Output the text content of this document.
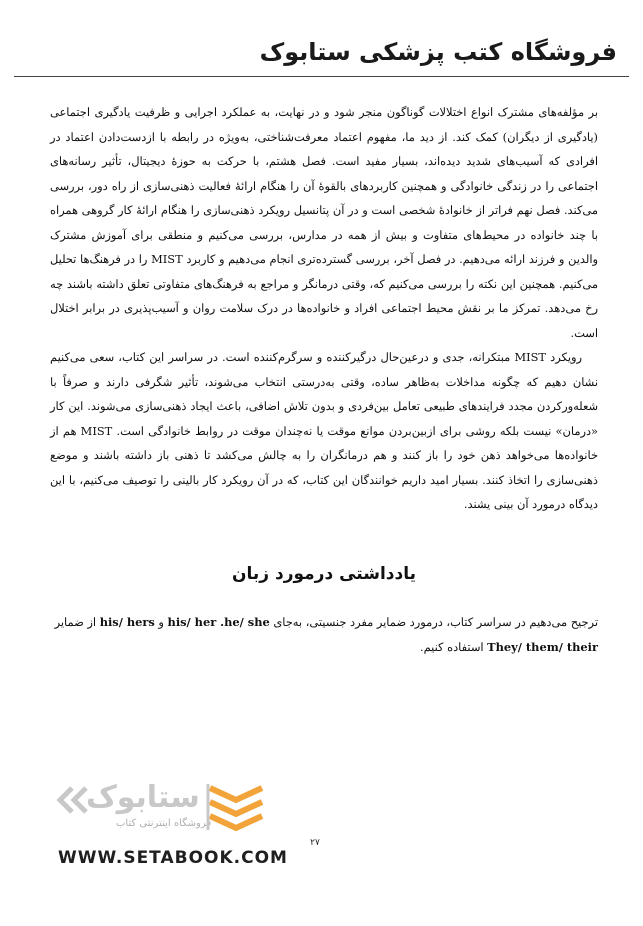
فروشگاه کتب پزشکی ستابوک

بر مؤلفه‌های مشترک انواع اختلالات گوناگون منجر شود و در نهایت، به عملکرد اجرایی و ظرفیت یادگیری اجتماعی (یادگیری از دیگران) کمک کند. از دید ما، مفهوم اعتماد معرفت‌شناختی، به‌ویژه در رابطه با ازدست‌دادن اعتماد در افرادی که آسیب‌های شدید دیده‌اند، بسیار مفید است. فصل هشتم، با حرکت به حوزهٔ دیجیتال، تأثیر رسانه‌های اجتماعی را در زندگی خانوادگی و همچنین کاربردهای بالقوهٔ آن را هنگام ارائهٔ فعالیت ذهنی‌سازی از راه دور، بررسی می‌کند. فصل نهم فراتر از خانوادهٔ شخصی است و در آن پتانسیل رویکرد ذهنی‌سازی را هنگام ارائهٔ کار گروهی همراه با چند خانواده در محیط‌های متفاوت و بیش از همه در مدارس، بررسی می‌کنیم و منطقی برای آموزش مشترک والدین و فرزند ارائه می‌دهیم. در فصل آخر، بررسی گسترده‌تری انجام می‌دهیم و کاربرد MIST را در فرهنگ‌ها تحلیل می‌کنیم. همچنین این نکته را بررسی می‌کنیم که، وقتی درمانگر و مراجع به فرهنگ‌های متفاوتی تعلق داشته باشند چه رخ می‌دهد. تمرکز ما بر نقش محیط اجتماعی افراد و خانواده‌ها در درک سلامت روان و آسیب‌پذیری در برابر اختلال است.

رویکرد MIST مبتکرانه، جدی و درعین‌حال درگیرکننده و سرگرم‌کننده است. در سراسر این کتاب، سعی می‌کنیم نشان دهیم که چگونه مداخلات به‌ظاهر ساده، وقتی به‌درستی انتخاب می‌شوند، تأثیر شگرفی دارند و صرفاً با شعله‌ورکردن مجدد فرایندهای طبیعی تعامل بین‌فردی و بدون تلاش اضافی، باعث ایجاد ذهنی‌سازی می‌شوند. این کار «درمان» نیست بلکه روشی برای ازبین‌بردن موانع موقت یا نه‌چندان موقت در روابط خانوادگی است. MIST هم از خانواده‌ها می‌خواهد ذهن خود را باز کنند و هم درمانگران را به چالش می‌کشد تا ذهنی باز داشته باشند و موضع ذهنی‌سازی را اتخاذ کنند. بسیار امید داریم خوانندگان این کتاب، که در آن رویکرد کار بالینی را توصیف می‌کنیم، با این دیدگاه درمورد آن بینی یشند.

یادداشتی درمورد زبان
ترجیح می‌دهیم در سراسر کتاب، درمورد ضمایر مفرد جنسیتی، به‌جای his/ her .he/ she و his/ hers از ضمایر They/ them/ their استفاده کنیم.
ستابوک
فروشگاه اینترنتی کتاب
۲۷
WWW.SETABOOK.COM
